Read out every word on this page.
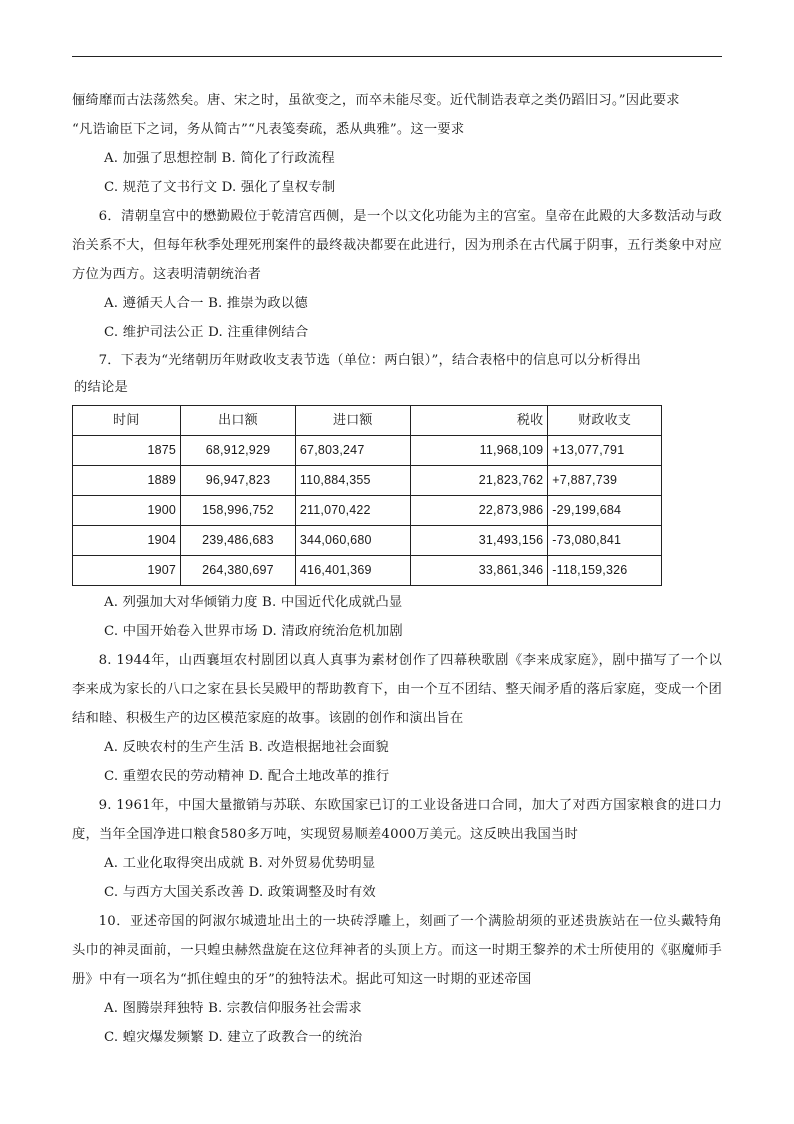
俪绮靡而古法荡然矣。唐、宋之时，虽欲变之，而卒未能尽变。近代制诰表章之类仍蹈旧习。”因此要求

“凡诰谕臣下之词，务从简古”“凡表笺奏疏，悉从典雅”。这一要求

A. 加强了思想控制 B. 简化了行政流程

C. 规范了文书行文 D. 强化了皇权专制

6．清朝皇宫中的懋勤殿位于乾清宫西侧，是一个以文化功能为主的宫室。皇帝在此殿的大多数活动与政治关系不大，但每年秋季处理死刑案件的最终裁决都要在此进行，因为刑杀在古代属于阴事，五行类象中对应方位为西方。这表明清朝统治者

A. 遵循天人合一 B. 推崇为政以德

C. 维护司法公正 D. 注重律例结合

7．下表为“光绪朝历年财政收支表节选（单位：两白银）”，结合表格中的信息可以分析得出

的结论是

时间	出口额	进口额	税收	财政收支
1875	68,912,929	67,803,247	11,968,109	+13,077,791
1889	96,947,823	110,884,355	21,823,762	+7,887,739
1900	158,996,752	211,070,422	22,873,986	-29,199,684
1904	239,486,683	344,060,680	31,493,156	-73,080,841
1907	264,380,697	416,401,369	33,861,346	-118,159,326

A. 列强加大对华倾销力度 B. 中国近代化成就凸显

C. 中国开始卷入世界市场 D. 清政府统治危机加剧

8. 1944年，山西襄垣农村剧团以真人真事为素材创作了四幕秧歌剧《李来成家庭》，剧中描写了一个以李来成为家长的八口之家在县长吴殿甲的帮助教育下，由一个互不团结、整天闹矛盾的落后家庭，变成一个团结和睦、积极生产的边区模范家庭的故事。该剧的创作和演出旨在

A. 反映农村的生产生活 B. 改造根据地社会面貌

C. 重塑农民的劳动精神 D. 配合土地改革的推行

9. 1961年，中国大量撤销与苏联、东欧国家已订的工业设备进口合同，加大了对西方国家粮食的进口力度，当年全国净进口粮食580多万吨，实现贸易顺差4000万美元。这反映出我国当时

A. 工业化取得突出成就 B. 对外贸易优势明显

C. 与西方大国关系改善 D. 政策调整及时有效

10．亚述帝国的阿淑尔城遗址出土的一块砖浮雕上，刻画了一个满脸胡须的亚述贵族站在一位头戴特角头巾的神灵面前，一只蝗虫赫然盘旋在这位拜神者的头顶上方。而这一时期王黎养的术士所使用的《驱魔师手册》中有一项名为“抓住蝗虫的牙”的独特法术。据此可知这一时期的亚述帝国

A. 图腾崇拜独特 B. 宗教信仰服务社会需求

C. 蝗灾爆发频繁 D. 建立了政教合一的统治
